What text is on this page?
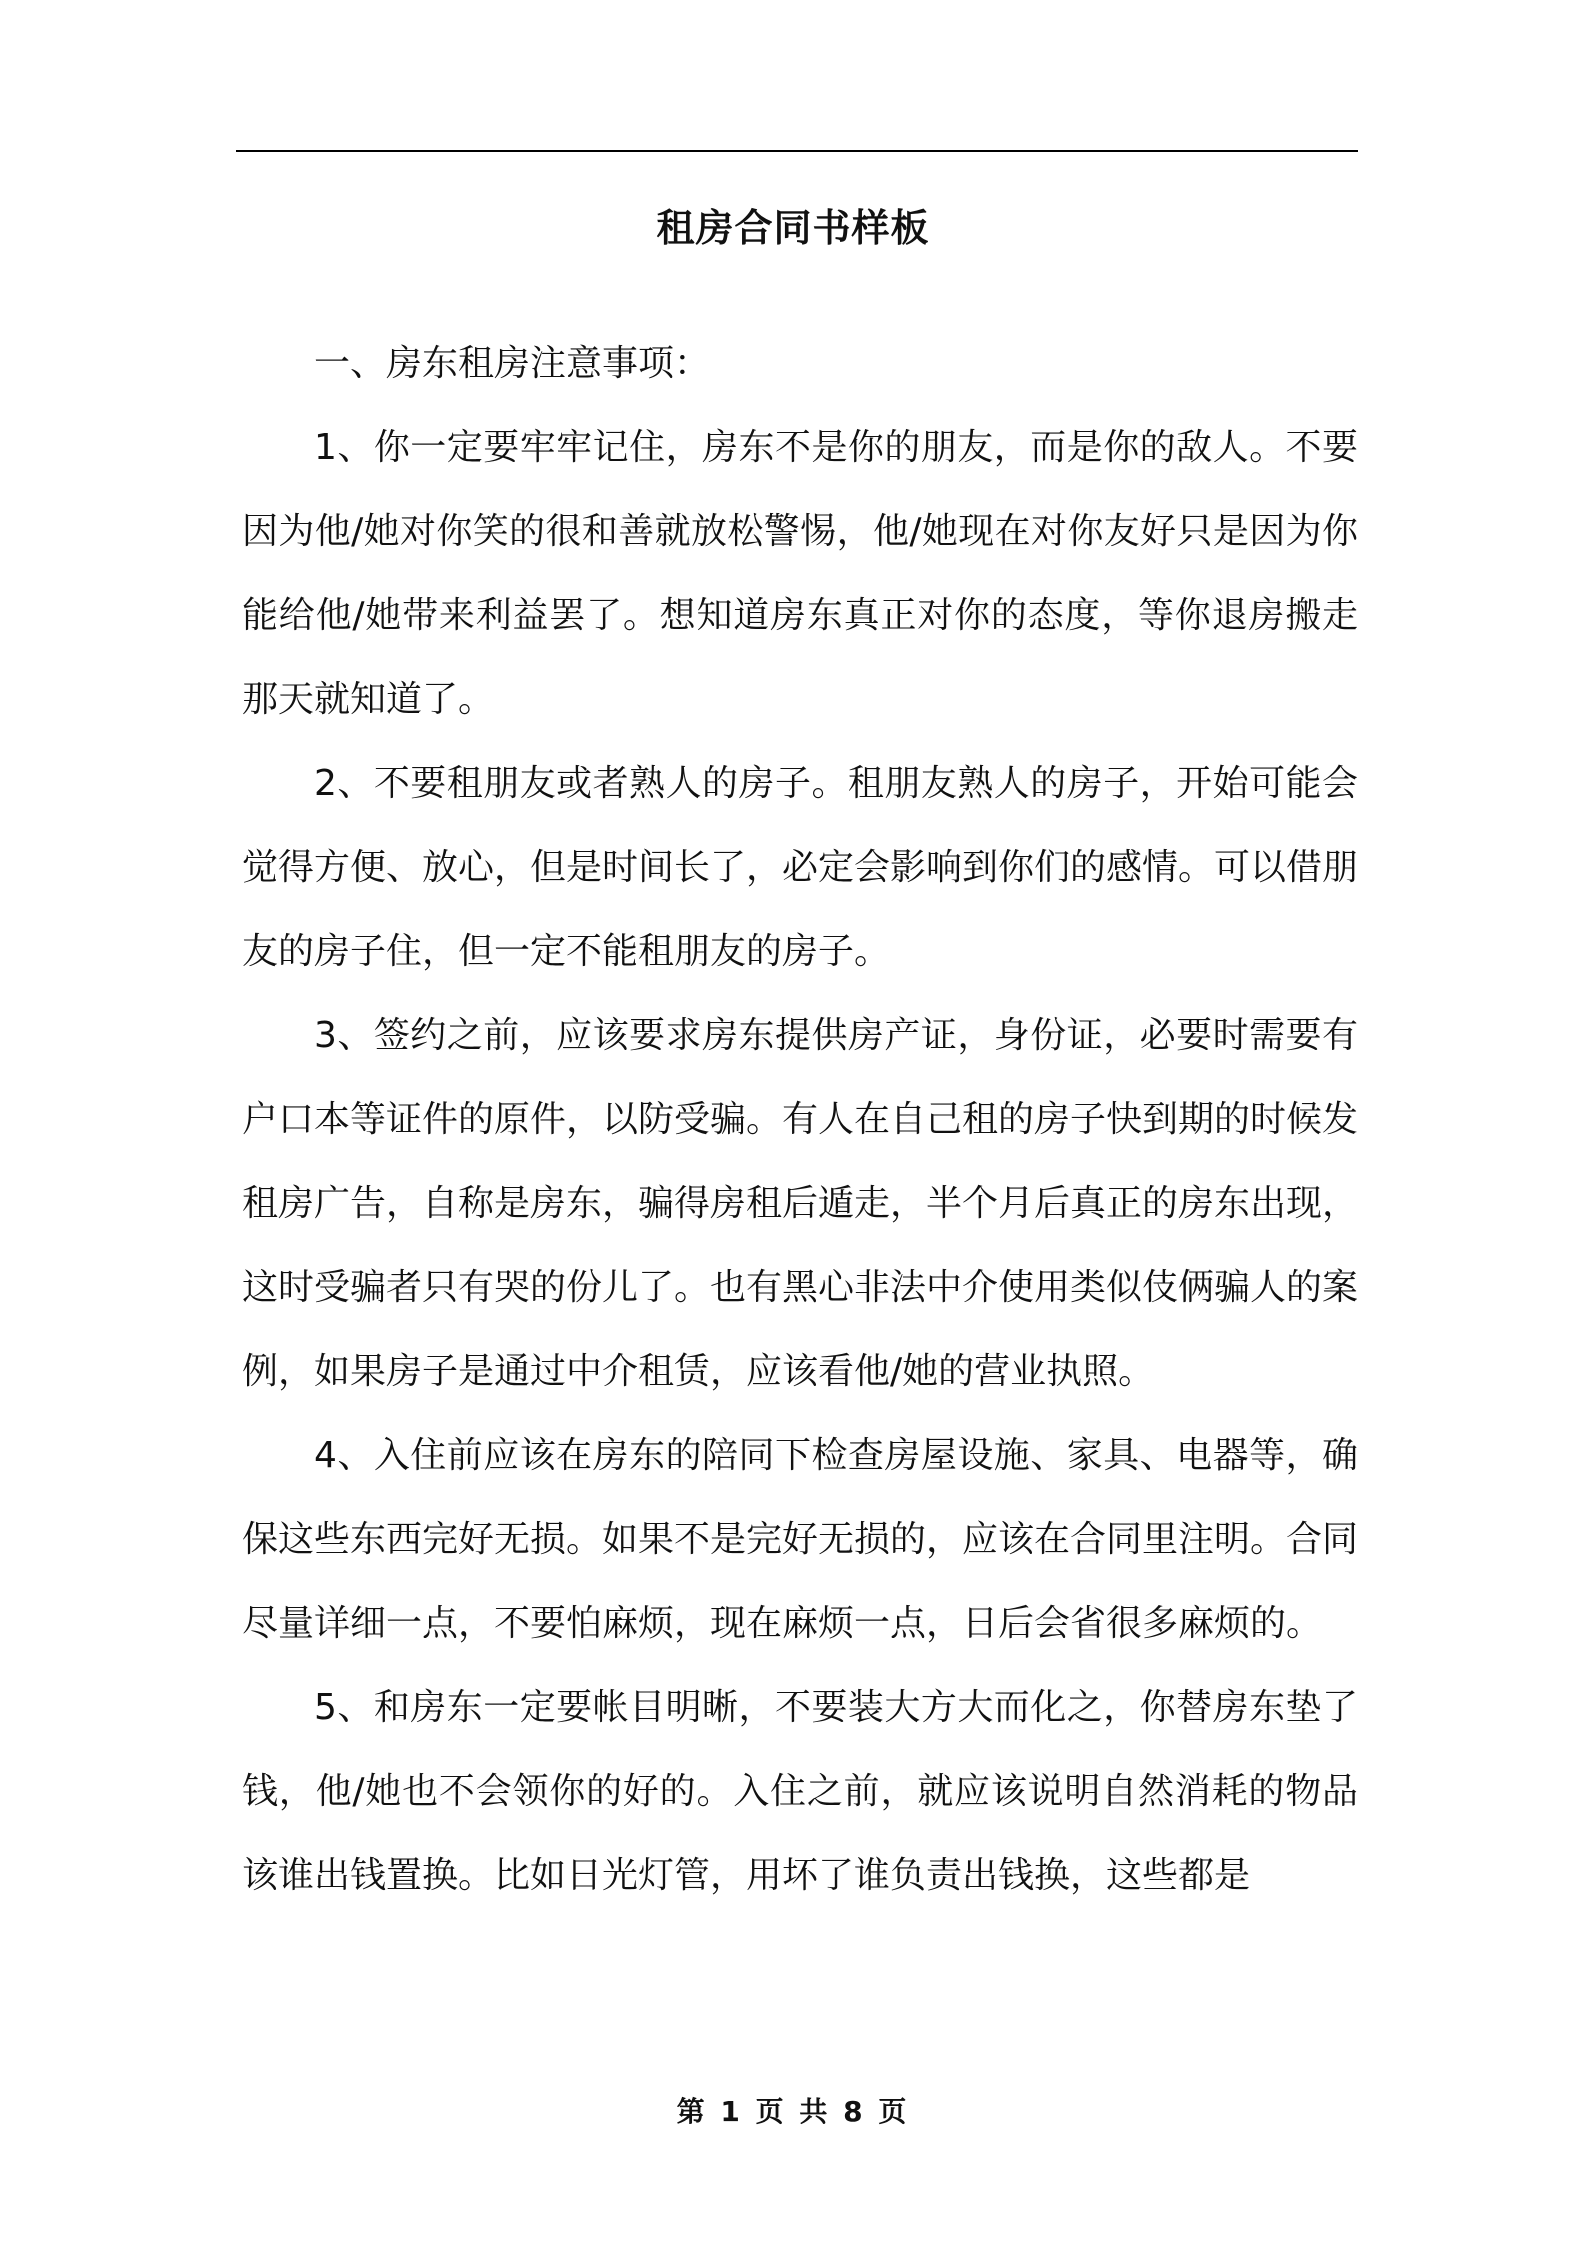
租房合同书样板

一、房东租房注意事项：

1、你一定要牢牢记住，房东不是你的朋友，而是你的敌人。不要因为他/她对你笑的很和善就放松警惕，他/她现在对你友好只是因为你能给他/她带来利益罢了。想知道房东真正对你的态度，等你退房搬走那天就知道了。

2、不要租朋友或者熟人的房子。租朋友熟人的房子，开始可能会觉得方便、放心，但是时间长了，必定会影响到你们的感情。可以借朋友的房子住，但一定不能租朋友的房子。

3、签约之前，应该要求房东提供房产证，身份证，必要时需要有户口本等证件的原件，以防受骗。有人在自己租的房子快到期的时候发租房广告，自称是房东，骗得房租后遁走，半个月后真正的房东出现，这时受骗者只有哭的份儿了。也有黑心非法中介使用类似伎俩骗人的案例，如果房子是通过中介租赁，应该看他/她的营业执照。

4、入住前应该在房东的陪同下检查房屋设施、家具、电器等，确保这些东西完好无损。如果不是完好无损的，应该在合同里注明。合同尽量详细一点，不要怕麻烦，现在麻烦一点，日后会省很多麻烦的。

5、和房东一定要帐目明晰，不要装大方大而化之，你替房东垫了钱，他/她也不会领你的好的。入住之前，就应该说明自然消耗的物品该谁出钱置换。比如日光灯管，用坏了谁负责出钱换，这些都是

第 1 页 共 8 页
